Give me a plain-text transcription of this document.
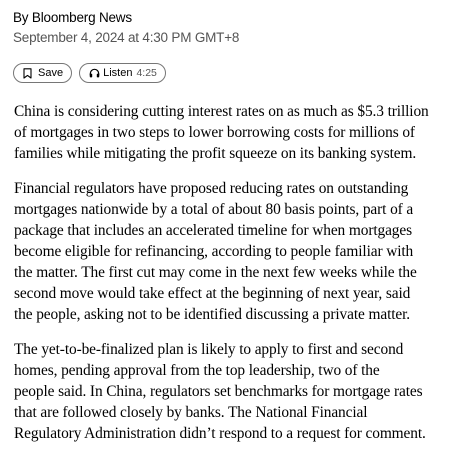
By Bloomberg News
September 4, 2024 at 4:30 PM GMT+8
Save	Listen 4:25

China is considering cutting interest rates on as much as $5.3 trillion
of mortgages in two steps to lower borrowing costs for millions of
families while mitigating the profit squeeze on its banking system.

Financial regulators have proposed reducing rates on outstanding
mortgages nationwide by a total of about 80 basis points, part of a
package that includes an accelerated timeline for when mortgages
become eligible for refinancing, according to people familiar with
the matter. The first cut may come in the next few weeks while the
second move would take effect at the beginning of next year, said
the people, asking not to be identified discussing a private matter.

The yet-to-be-finalized plan is likely to apply to first and second
homes, pending approval from the top leadership, two of the
people said. In China, regulators set benchmarks for mortgage rates
that are followed closely by banks. The National Financial
Regulatory Administration didn’t respond to a request for comment.
